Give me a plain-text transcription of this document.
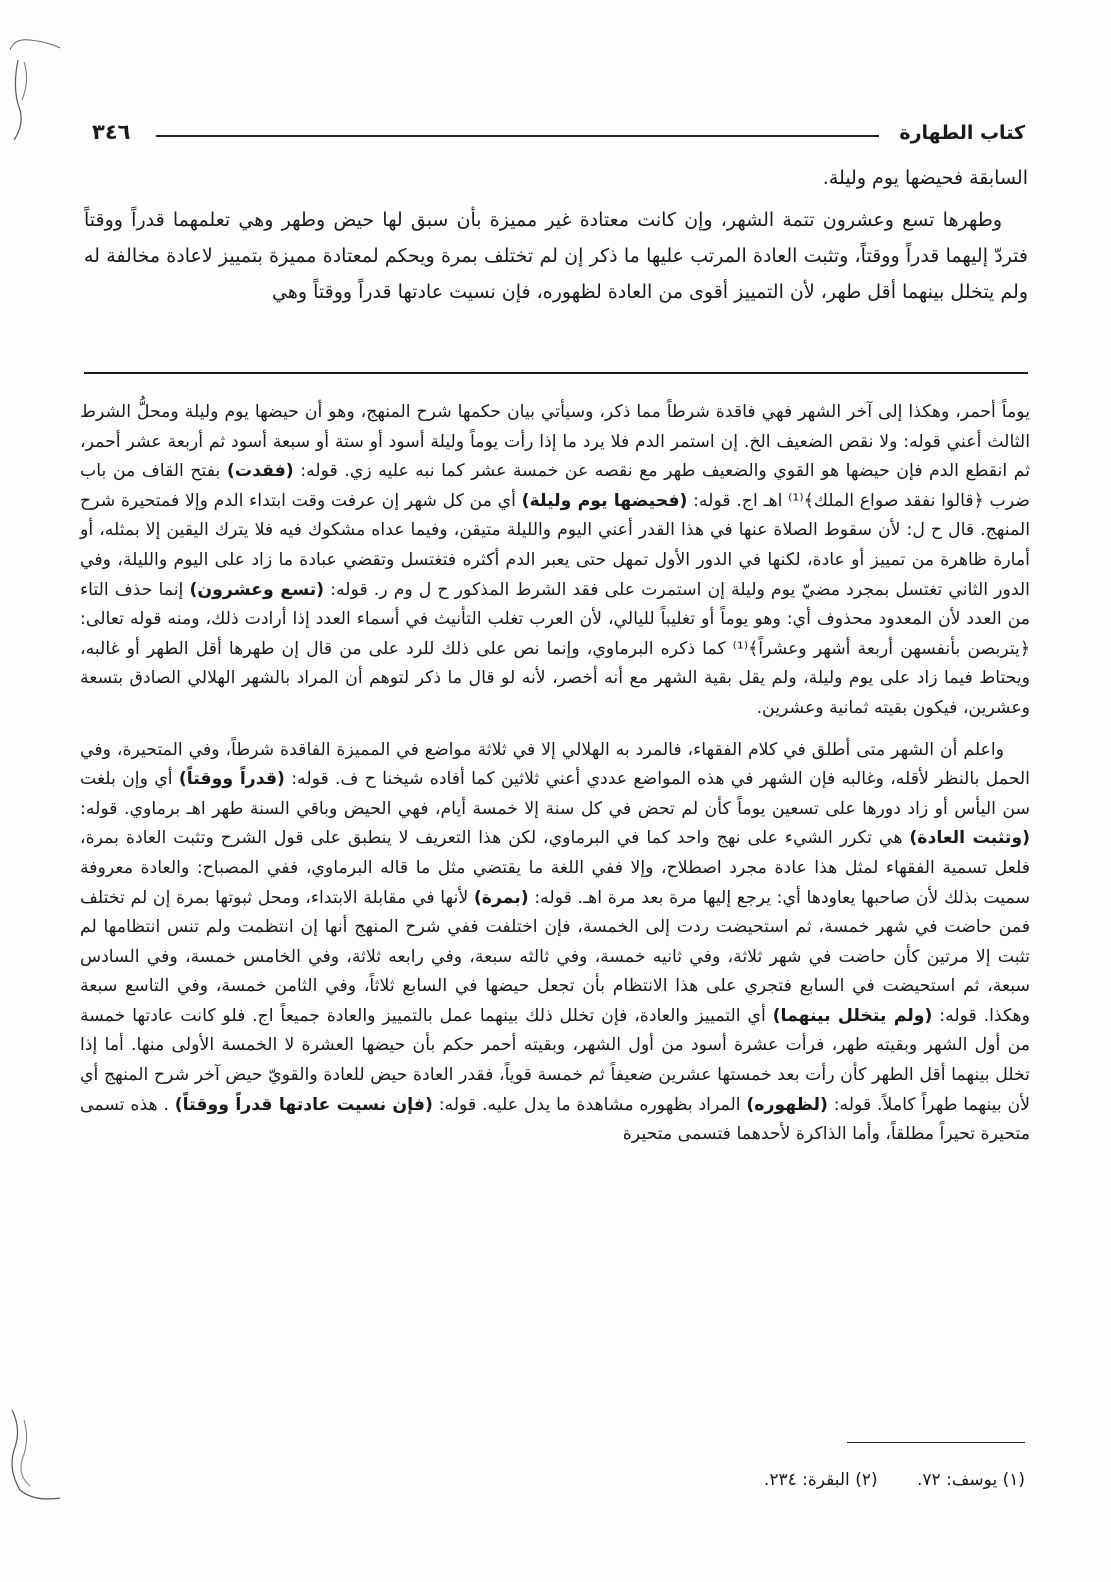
كتاب الطهارة
٣٤٦

السابقة فحيضها يوم وليلة.

وطهرها تسع وعشرون تتمة الشهر، وإن كانت معتادة غير مميزة بأن سبق لها حيض وطهر وهي تعلمهما قدراً ووقتاً فتردّ إليهما قدراً ووقتاً، وتثبت العادة المرتب عليها ما ذكر إن لم تختلف بمرة ويحكم لمعتادة مميزة بتمييز لاعادة مخالفة له ولم يتخلل بينهما أقل طهر، لأن التمييز أقوى من العادة لظهوره، فإن نسيت عادتها قدراً ووقتاً وهي

يوماً أحمر، وهكذا إلى آخر الشهر فهي فاقدة شرطاً مما ذكر، وسيأتي بيان حكمها شرح المنهج، وهو أن حيضها يوم وليلة ومحلُّ الشرط الثالث أعني قوله: ولا نقص الضعيف الخ. إن استمر الدم فلا يرد ما إذا رأت يوماً وليلة أسود أو ستة أو سبعة أسود ثم أربعة عشر أحمر، ثم انقطع الدم فإن حيضها هو القوي والضعيف طهر مع نقصه عن خمسة عشر كما نبه عليه زي. قوله: (فقدت) بفتح القاف من باب ضرب ﴿قالوا نفقد صواع الملك﴾⁽¹⁾ اهـ اج. قوله: (فحيضها يوم وليلة) أي من كل شهر إن عرفت وقت ابتداء الدم وإلا فمتحيرة شرح المنهج. قال ح ل: لأن سقوط الصلاة عنها في هذا القدر أعني اليوم والليلة متيقن، وفيما عداه مشكوك فيه فلا يترك اليقين إلا بمثله، أو أمارة ظاهرة من تمييز أو عادة، لكنها في الدور الأول تمهل حتى يعبر الدم أكثره فتغتسل وتقضي عبادة ما زاد على اليوم والليلة، وفي الدور الثاني تغتسل بمجرد مضيّ يوم وليلة إن استمرت على فقد الشرط المذكور ح ل وم ر. قوله: (تسع وعشرون) إنما حذف التاء من العدد لأن المعدود محذوف أي: وهو يوماً أو تغليباً لليالي، لأن العرب تغلب التأنيث في أسماء العدد إذا أرادت ذلك، ومنه قوله تعالى: ﴿يتربصن بأنفسهن أربعة أشهر وعشراً﴾⁽¹⁾ كما ذكره البرماوي، وإنما نص على ذلك للرد على من قال إن طهرها أقل الطهر أو غالبه، ويحتاط فيما زاد على يوم وليلة، ولم يقل بقية الشهر مع أنه أخصر، لأنه لو قال ما ذكر لتوهم أن المراد بالشهر الهلالي الصادق بتسعة وعشرين، فيكون بقيته ثمانية وعشرين.

واعلم أن الشهر متى أطلق في كلام الفقهاء، فالمرد به الهلالي إلا في ثلاثة مواضع في المميزة الفاقدة شرطاً، وفي المتحيرة، وفي الحمل بالنظر لأقله، وغالبه فإن الشهر في هذه المواضع عددي أعني ثلاثين كما أفاده شيخنا ح ف. قوله: (قدراً ووقتاً) أي وإن بلغت سن اليأس أو زاد دورها على تسعين يوماً كأن لم تحض في كل سنة إلا خمسة أيام، فهي الحيض وباقي السنة طهر اهـ برماوي. قوله: (وتثبت العادة) هي تكرر الشيء على نهج واحد كما في البرماوي، لكن هذا التعريف لا ينطبق على قول الشرح وتثبت العادة بمرة، فلعل تسمية الفقهاء لمثل هذا عادة مجرد اصطلاح، وإلا ففي اللغة ما يقتضي مثل ما قاله البرماوي، ففي المصباح: والعادة معروفة سميت بذلك لأن صاحبها يعاودها أي: يرجع إليها مرة بعد مرة اهـ. قوله: (بمرة) لأنها في مقابلة الابتداء، ومحل ثبوتها بمرة إن لم تختلف فمن حاضت في شهر خمسة، ثم استحيضت ردت إلى الخمسة، فإن اختلفت ففي شرح المنهج أنها إن انتظمت ولم تنس انتظامها لم تثبت إلا مرتين كأن حاضت في شهر ثلاثة، وفي ثانيه خمسة، وفي ثالثه سبعة، وفي رابعه ثلاثة، وفي الخامس خمسة، وفي السادس سبعة، ثم استحيضت في السابع فتجري على هذا الانتظام بأن تجعل حيضها في السابع ثلاثاً، وفي الثامن خمسة، وفي التاسع سبعة وهكذا. قوله: (ولم يتخلل بينهما) أي التمييز والعادة، فإن تخلل ذلك بينهما عمل بالتمييز والعادة جميعاً اج. فلو كانت عادتها خمسة من أول الشهر وبقيته طهر، فرأت عشرة أسود من أول الشهر، وبقيته أحمر حكم بأن حيضها العشرة لا الخمسة الأولى منها. أما إذا تخلل بينهما أقل الطهر كأن رأت بعد خمستها عشرين ضعيفاً ثم خمسة قوياً، فقدر العادة حيض للعادة والقويّ حيض آخر شرح المنهج أي لأن بينهما طهراً كاملاً. قوله: (لظهوره) المراد بظهوره مشاهدة ما يدل عليه. قوله: (فإن نسيت عادتها قدراً ووقتاً) . هذه تسمى متحيرة تحيراً مطلقاً، وأما الذاكرة لأحدهما فتسمى متحيرة

(١) يوسف: ٧٢. (٢) البقرة: ٢٣٤.
